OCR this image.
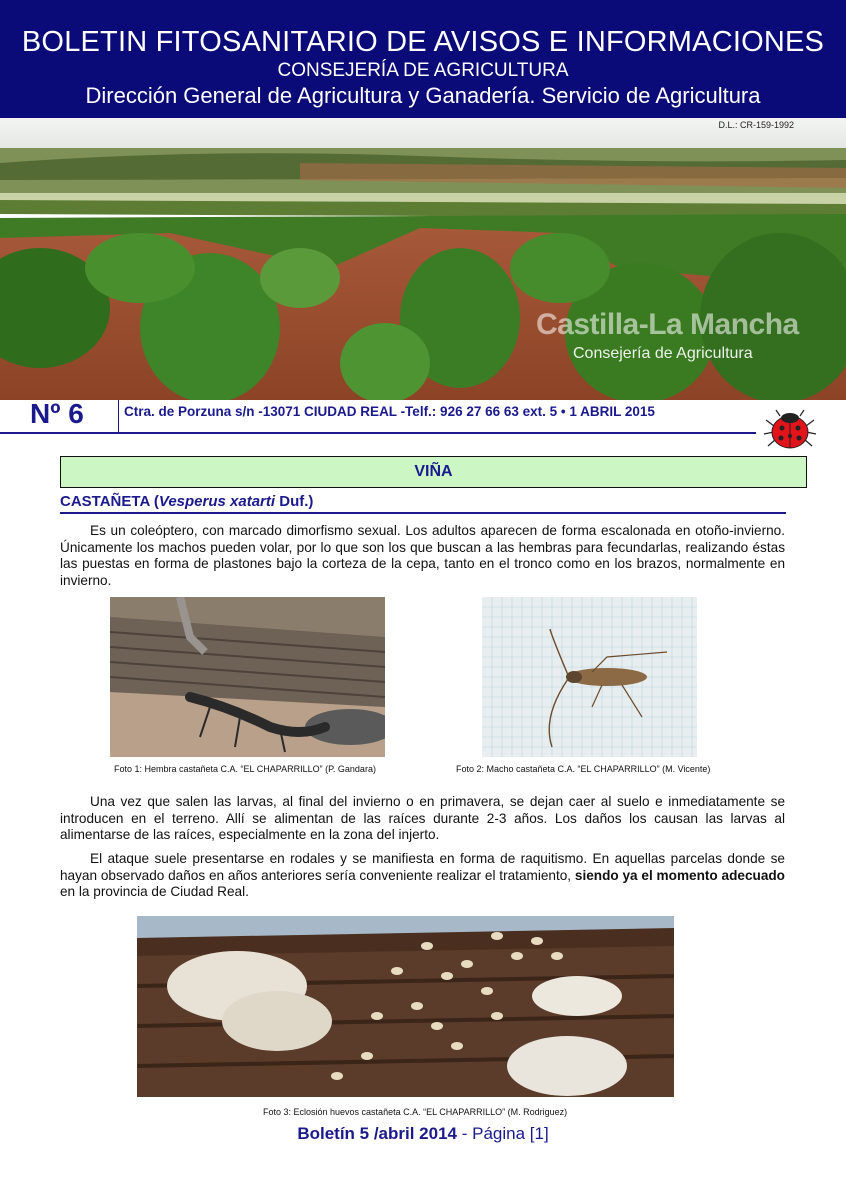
BOLETIN FITOSANITARIO DE AVISOS E INFORMACIONES
CONSEJERÍA DE AGRICULTURA
Dirección General de Agricultura y Ganadería. Servicio de Agricultura
D.L.: CR-159-1992
Castilla-La Mancha
Consejería de Agricultura
Nº 6	Ctra. de Porzuna s/n -13071 CIUDAD REAL -Telf.: 926 27 66 63 ext. 5 • 1 ABRIL 2015
VIÑA
CASTAÑETA (Vesperus xatarti Duf.)

Es un coleóptero, con marcado dimorfismo sexual. Los adultos aparecen de forma escalonada en otoño-invierno. Únicamente los machos pueden volar, por lo que son los que buscan a las hembras para fecundarlas, realizando éstas las puestas en forma de plastones bajo la corteza de la cepa, tanto en el tronco como en los brazos, normalmente en invierno.

Foto 1: Hembra castañeta C.A. “EL CHAPARRILLO” (P. Gandara)	Foto 2: Macho castañeta C.A. “EL CHAPARRILLO” (M. Vicente)

Una vez que salen las larvas, al final del invierno o en primavera, se dejan caer al suelo e inmediatamente se introducen en el terreno. Allí se alimentan de las raíces durante 2-3 años. Los daños los causan las larvas al alimentarse de las raíces, especialmente en la zona del injerto.

El ataque suele presentarse en rodales y se manifiesta en forma de raquitismo. En aquellas parcelas donde se hayan observado daños en años anteriores sería conveniente realizar el tratamiento, siendo ya el momento adecuado en la provincia de Ciudad Real.

Foto 3: Eclosión huevos castañeta C.A. “EL CHAPARRILLO” (M. Rodriguez)
Boletín 5 /abril 2014 - Página [1]
